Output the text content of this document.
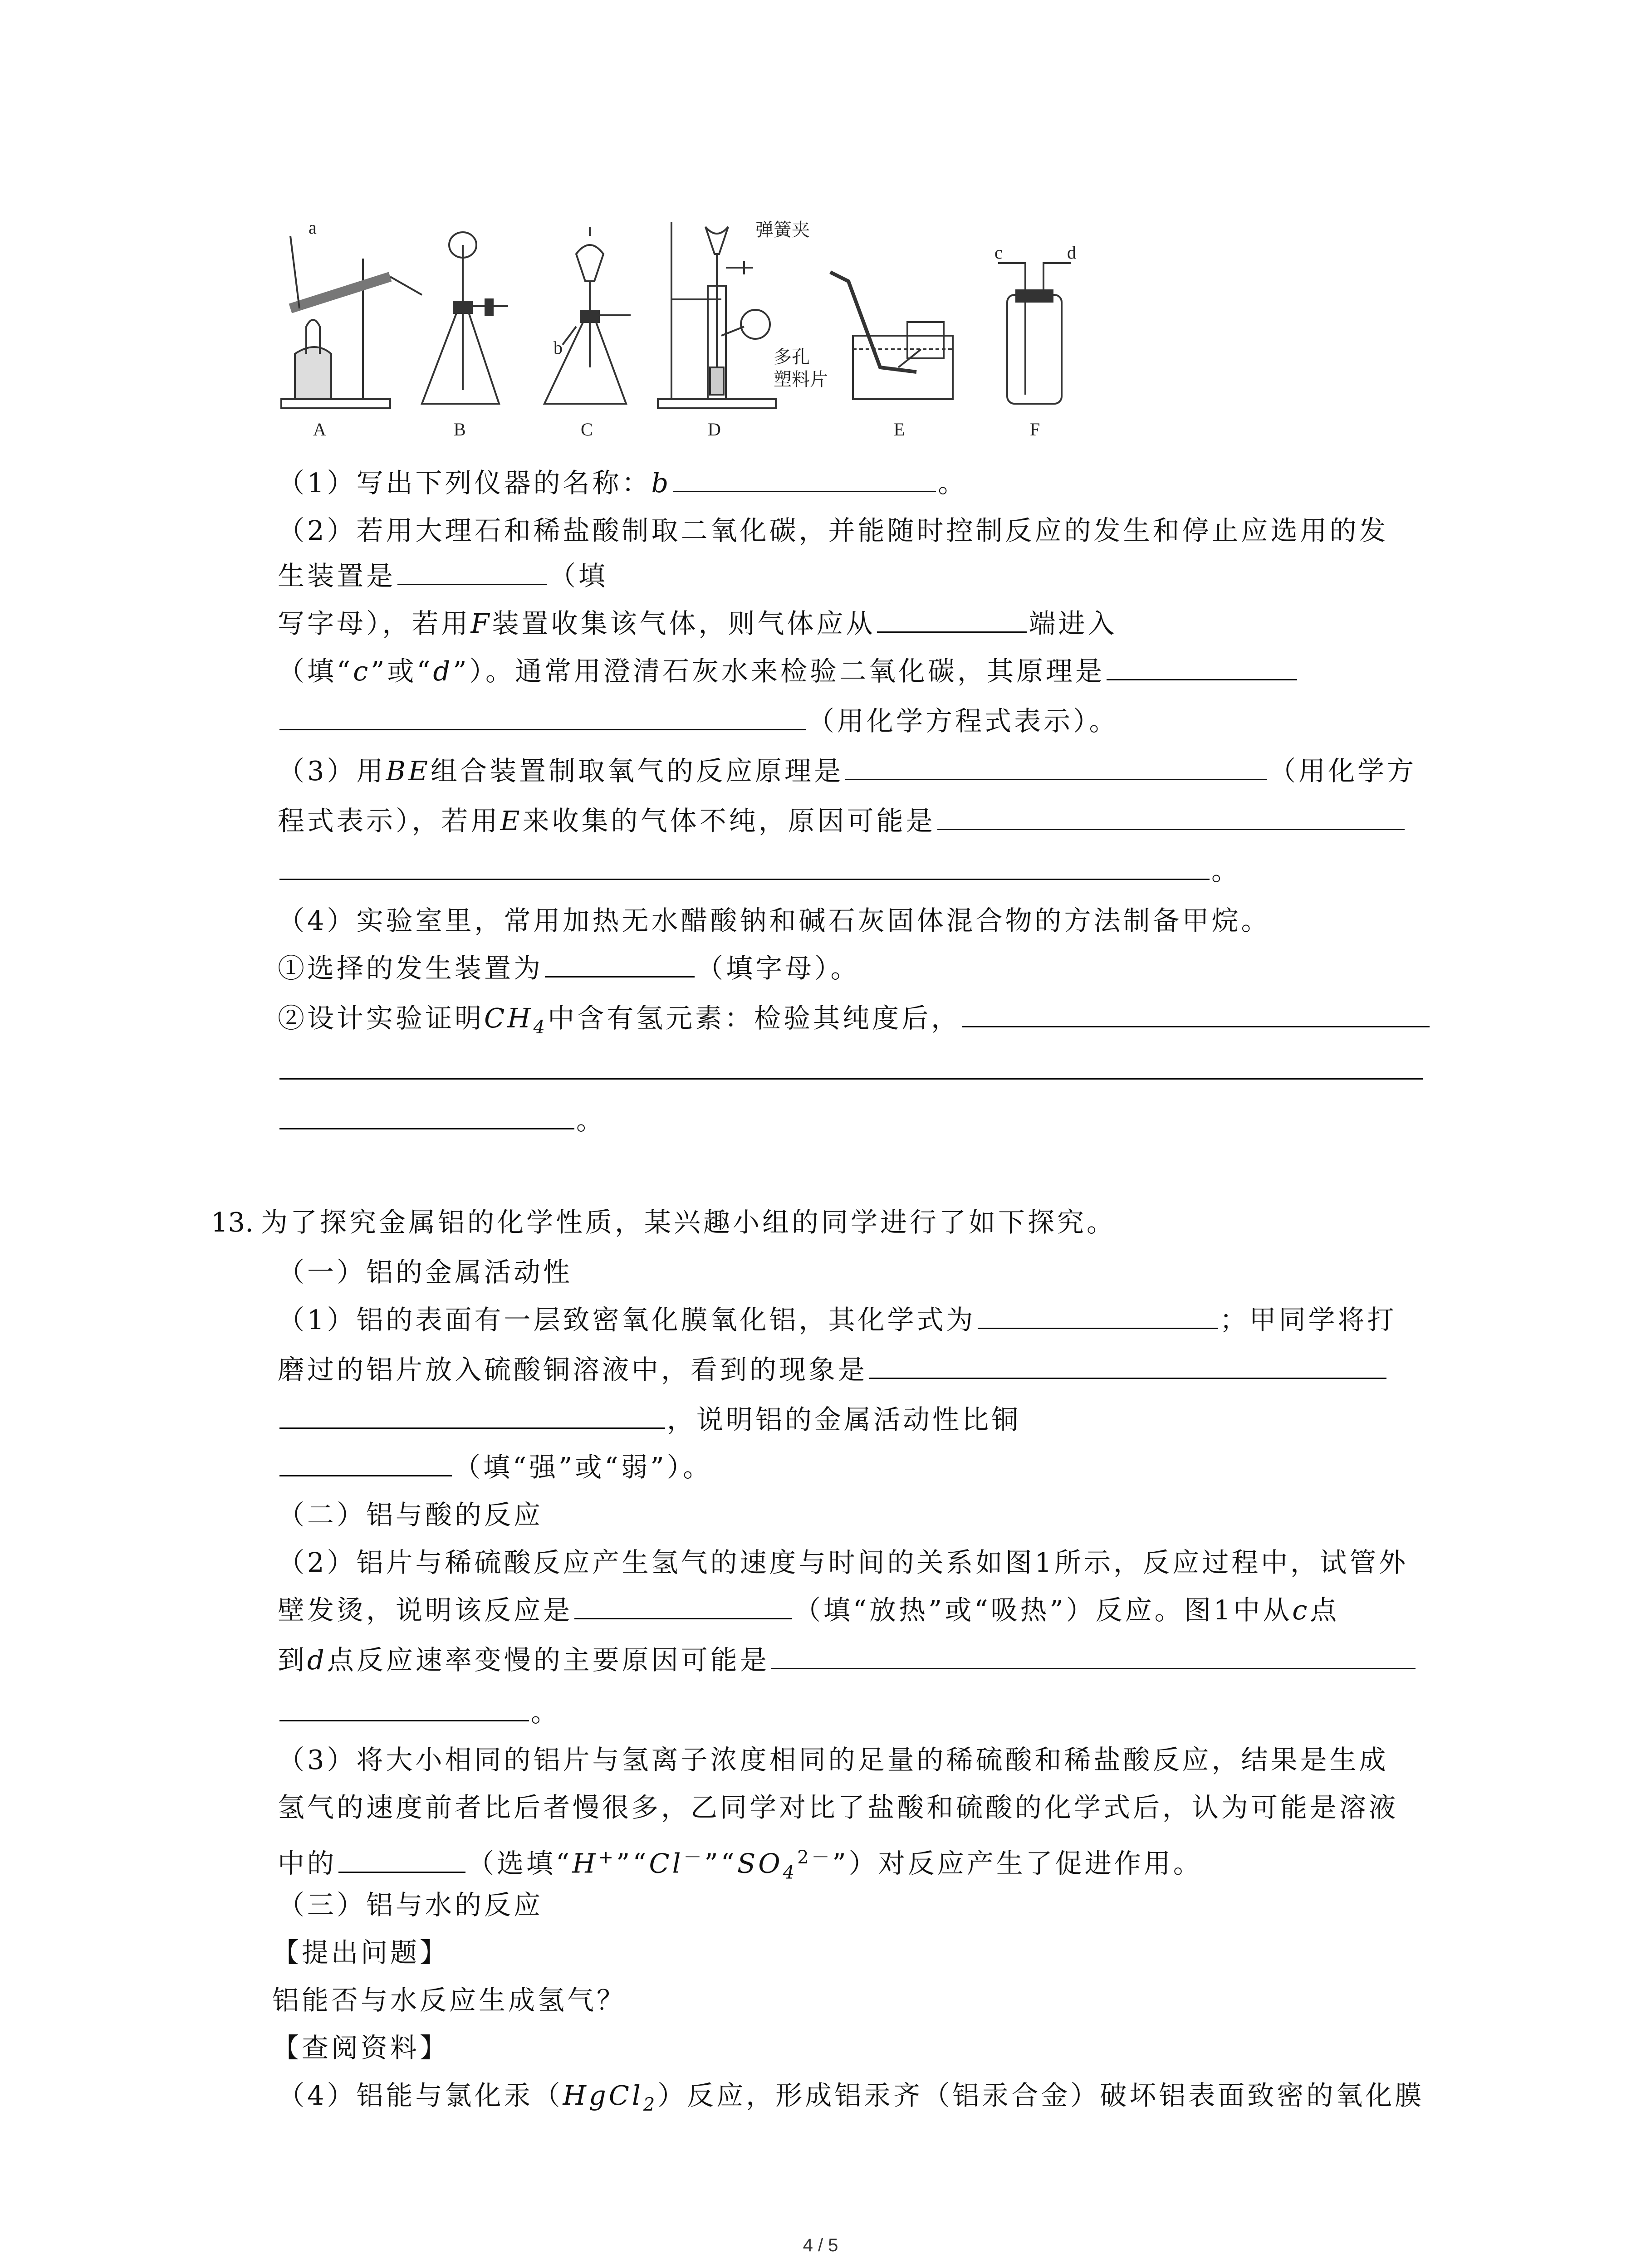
A	B	C	D	E	F
a
b
c	d
弹簧夹
多孔
塑料片
（1）写出下列仪器的名称：b	。
（2）若用大理石和稀盐酸制取二氧化碳，并能随时控制反应的发生和停止应选用的发
生装置是	（填
写字母），若用F装置收集该气体，则气体应从	端进入
（填“c”或“d”）。通常用澄清石灰水来检验二氧化碳，其原理是
（用化学方程式表示）。
（3）用BE组合装置制取氧气的反应原理是	（用化学方
程式表示），若用E来收集的气体不纯，原因可能是
。
（4）实验室里，常用加热无水醋酸钠和碱石灰固体混合物的方法制备甲烷。
①选择的发生装置为	（填字母）。
②设计实验证明$CH_4$中含有氢元素：检验其纯度后，
。
13. 为了探究金属铝的化学性质，某兴趣小组的同学进行了如下探究。
（一）铝的金属活动性
（1）铝的表面有一层致密氧化膜氧化铝，其化学式为	；甲同学将打
磨过的铝片放入硫酸铜溶液中，看到的现象是
，说明铝的金属活动性比铜
（填“强”或“弱”）。
（二）铝与酸的反应
（2）铝片与稀硫酸反应产生氢气的速度与时间的关系如图1所示，反应过程中，试管外
壁发烫，说明该反应是	（填“放热”或“吸热”）反应。图1中从c点
到d点反应速率变慢的主要原因可能是
。
（3）将大小相同的铝片与氢离子浓度相同的足量的稀硫酸和稀盐酸反应，结果是生成
氢气的速度前者比后者慢很多，乙同学对比了盐酸和硫酸的化学式后，认为可能是溶液
中的	（选填“$H^+”“Cl^-”“SO_4^{2-}$”）对反应产生了促进作用。
（三）铝与水的反应
【提出问题】
铝能否与水反应生成氢气？
【查阅资料】
（4）铝能与氯化汞（HgCl$_2$）反应，形成铝汞齐（铝汞合金）破坏铝表面致密的氧化膜
4 / 5
